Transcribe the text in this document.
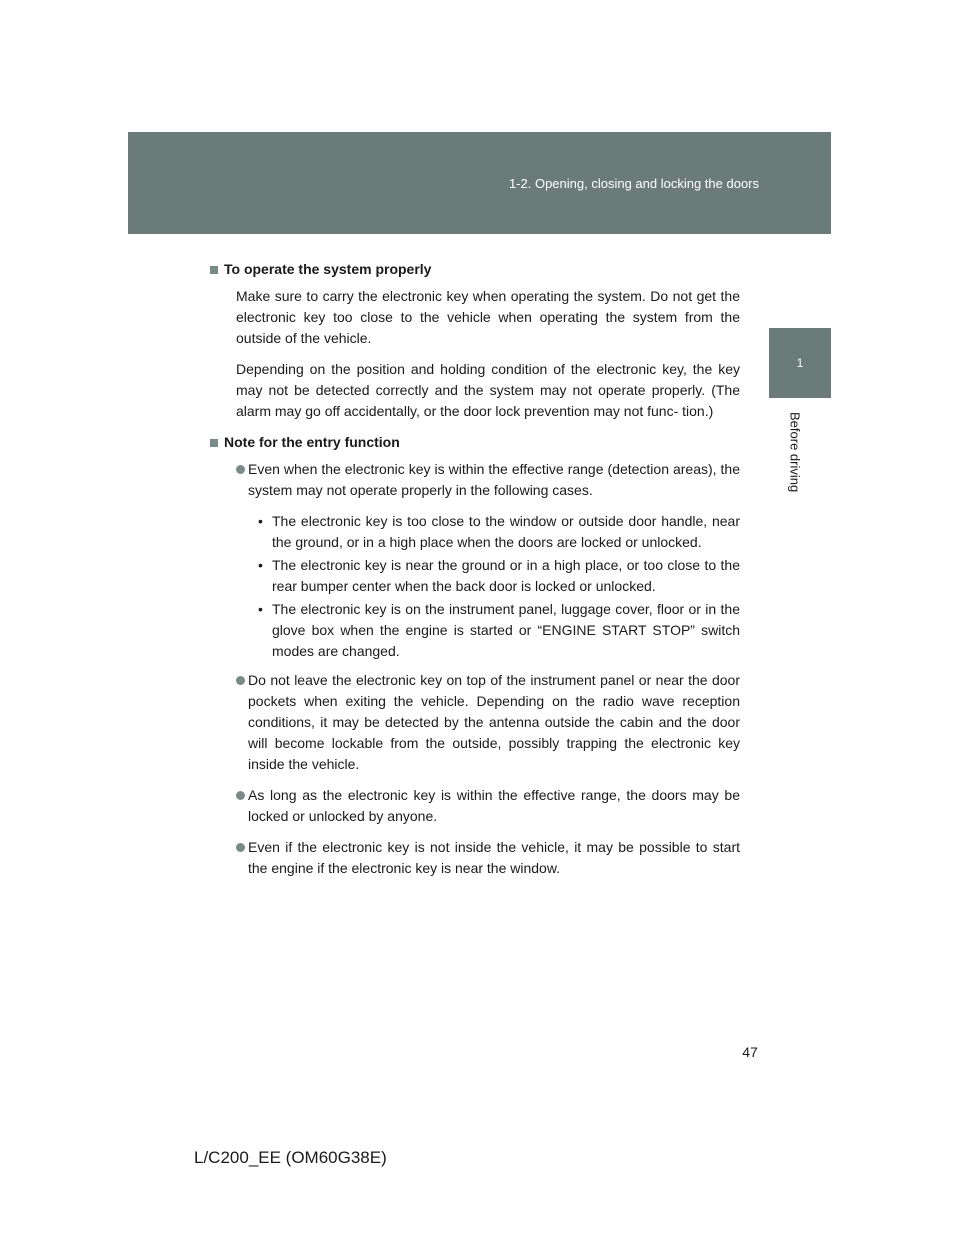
1-2. Opening, closing and locking the doors
1
Before driving
To operate the system properly

Make sure to carry the electronic key when operating the system. Do not get the electronic key too close to the vehicle when operating the system from the outside of the vehicle.

Depending on the position and holding condition of the electronic key, the key may not be detected correctly and the system may not operate properly. (The alarm may go off accidentally, or the door lock prevention may not func- tion.)

Note for the entry function
Even when the electronic key is within the effective range (detection areas), the system may not operate properly in the following cases.
• The electronic key is too close to the window or outside door handle, near the ground, or in a high place when the doors are locked or unlocked.
• The electronic key is near the ground or in a high place, or too close to the rear bumper center when the back door is locked or unlocked.
• The electronic key is on the instrument panel, luggage cover, floor or in the glove box when the engine is started or “ENGINE START STOP” switch modes are changed.
Do not leave the electronic key on top of the instrument panel or near the door pockets when exiting the vehicle. Depending on the radio wave reception conditions, it may be detected by the antenna outside the cabin and the door will become lockable from the outside, possibly trapping the electronic key inside the vehicle.
As long as the electronic key is within the effective range, the doors may be locked or unlocked by anyone.
Even if the electronic key is not inside the vehicle, it may be possible to start the engine if the electronic key is near the window.
47
L/C200_EE (OM60G38E)
